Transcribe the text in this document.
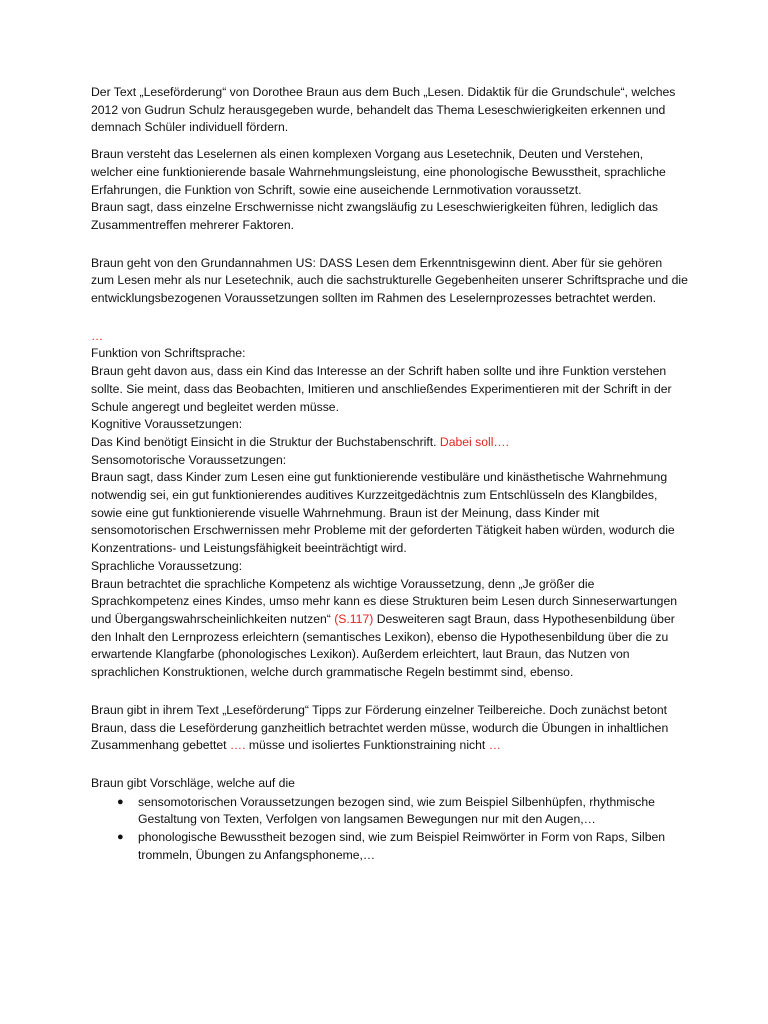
Der Text „Leseförderung“ von Dorothee Braun aus dem Buch „Lesen. Didaktik für die Grundschule“, welches 2012 von Gudrun Schulz herausgegeben wurde, behandelt das Thema Leseschwierigkeiten erkennen und demnach Schüler individuell fördern.

Braun versteht das Leselernen als einen komplexen Vorgang aus Lesetechnik, Deuten und Verstehen, welcher eine funktionierende basale Wahrnehmungsleistung, eine phonologische Bewusstheit, sprachliche Erfahrungen, die Funktion von Schrift, sowie eine auseichende Lernmotivation voraussetzt.

Braun sagt, dass einzelne Erschwernisse nicht zwangsläufig zu Leseschwierigkeiten führen, lediglich das Zusammentreffen mehrerer Faktoren.

Braun geht von den Grundannahmen US: DASS Lesen dem Erkenntnisgewinn dient. Aber für sie gehören zum Lesen mehr als nur Lesetechnik, auch die sachstrukturelle Gegebenheiten unserer Schriftsprache und die entwicklungsbezogenen Voraussetzungen sollten im Rahmen des Leselernprozesses betrachtet werden.

…

Funktion von Schriftsprache:

Braun geht davon aus, dass ein Kind das Interesse an der Schrift haben sollte und ihre Funktion verstehen sollte. Sie meint, dass das Beobachten, Imitieren und anschließendes Experimentieren mit der Schrift in der Schule angeregt und begleitet werden müsse.

Kognitive Voraussetzungen:

Das Kind benötigt Einsicht in die Struktur der Buchstabenschrift. Dabei soll….

Sensomotorische Voraussetzungen:

Braun sagt, dass Kinder zum Lesen eine gut funktionierende vestibuläre und kinästhetische Wahrnehmung notwendig sei, ein gut funktionierendes auditives Kurzzeitgedächtnis zum Entschlüsseln des Klangbildes, sowie eine gut funktionierende visuelle Wahrnehmung. Braun ist der Meinung, dass Kinder mit sensomotorischen Erschwernissen mehr Probleme mit der geforderten Tätigkeit haben würden, wodurch die Konzentrations- und Leistungsfähigkeit beeinträchtigt wird.

Sprachliche Voraussetzung:

Braun betrachtet die sprachliche Kompetenz als wichtige Voraussetzung, denn „Je größer die Sprachkompetenz eines Kindes, umso mehr kann es diese Strukturen beim Lesen durch Sinneserwartungen und Übergangswahrscheinlichkeiten nutzen“ (S.117) Desweiteren sagt Braun, dass Hypothesenbildung über den Inhalt den Lernprozess erleichtern (semantisches Lexikon), ebenso die Hypothesenbildung über die zu erwartende Klangfarbe (phonologisches Lexikon). Außerdem erleichtert, laut Braun, das Nutzen von sprachlichen Konstruktionen, welche durch grammatische Regeln bestimmt sind, ebenso.

Braun gibt in ihrem Text „Leseförderung“ Tipps zur Förderung einzelner Teilbereiche. Doch zunächst betont Braun, dass die Leseförderung ganzheitlich betrachtet werden müsse, wodurch die Übungen in inhaltlichen Zusammenhang gebettet …. müsse und isoliertes Funktionstraining nicht …

Braun gibt Vorschläge, welche auf die

● sensomotorischen Voraussetzungen bezogen sind, wie zum Beispiel Silbenhüpfen, rhythmische Gestaltung von Texten, Verfolgen von langsamen Bewegungen nur mit den Augen,…
● phonologische Bewusstheit bezogen sind, wie zum Beispiel Reimwörter in Form von Raps, Silben trommeln, Übungen zu Anfangsphoneme,…
